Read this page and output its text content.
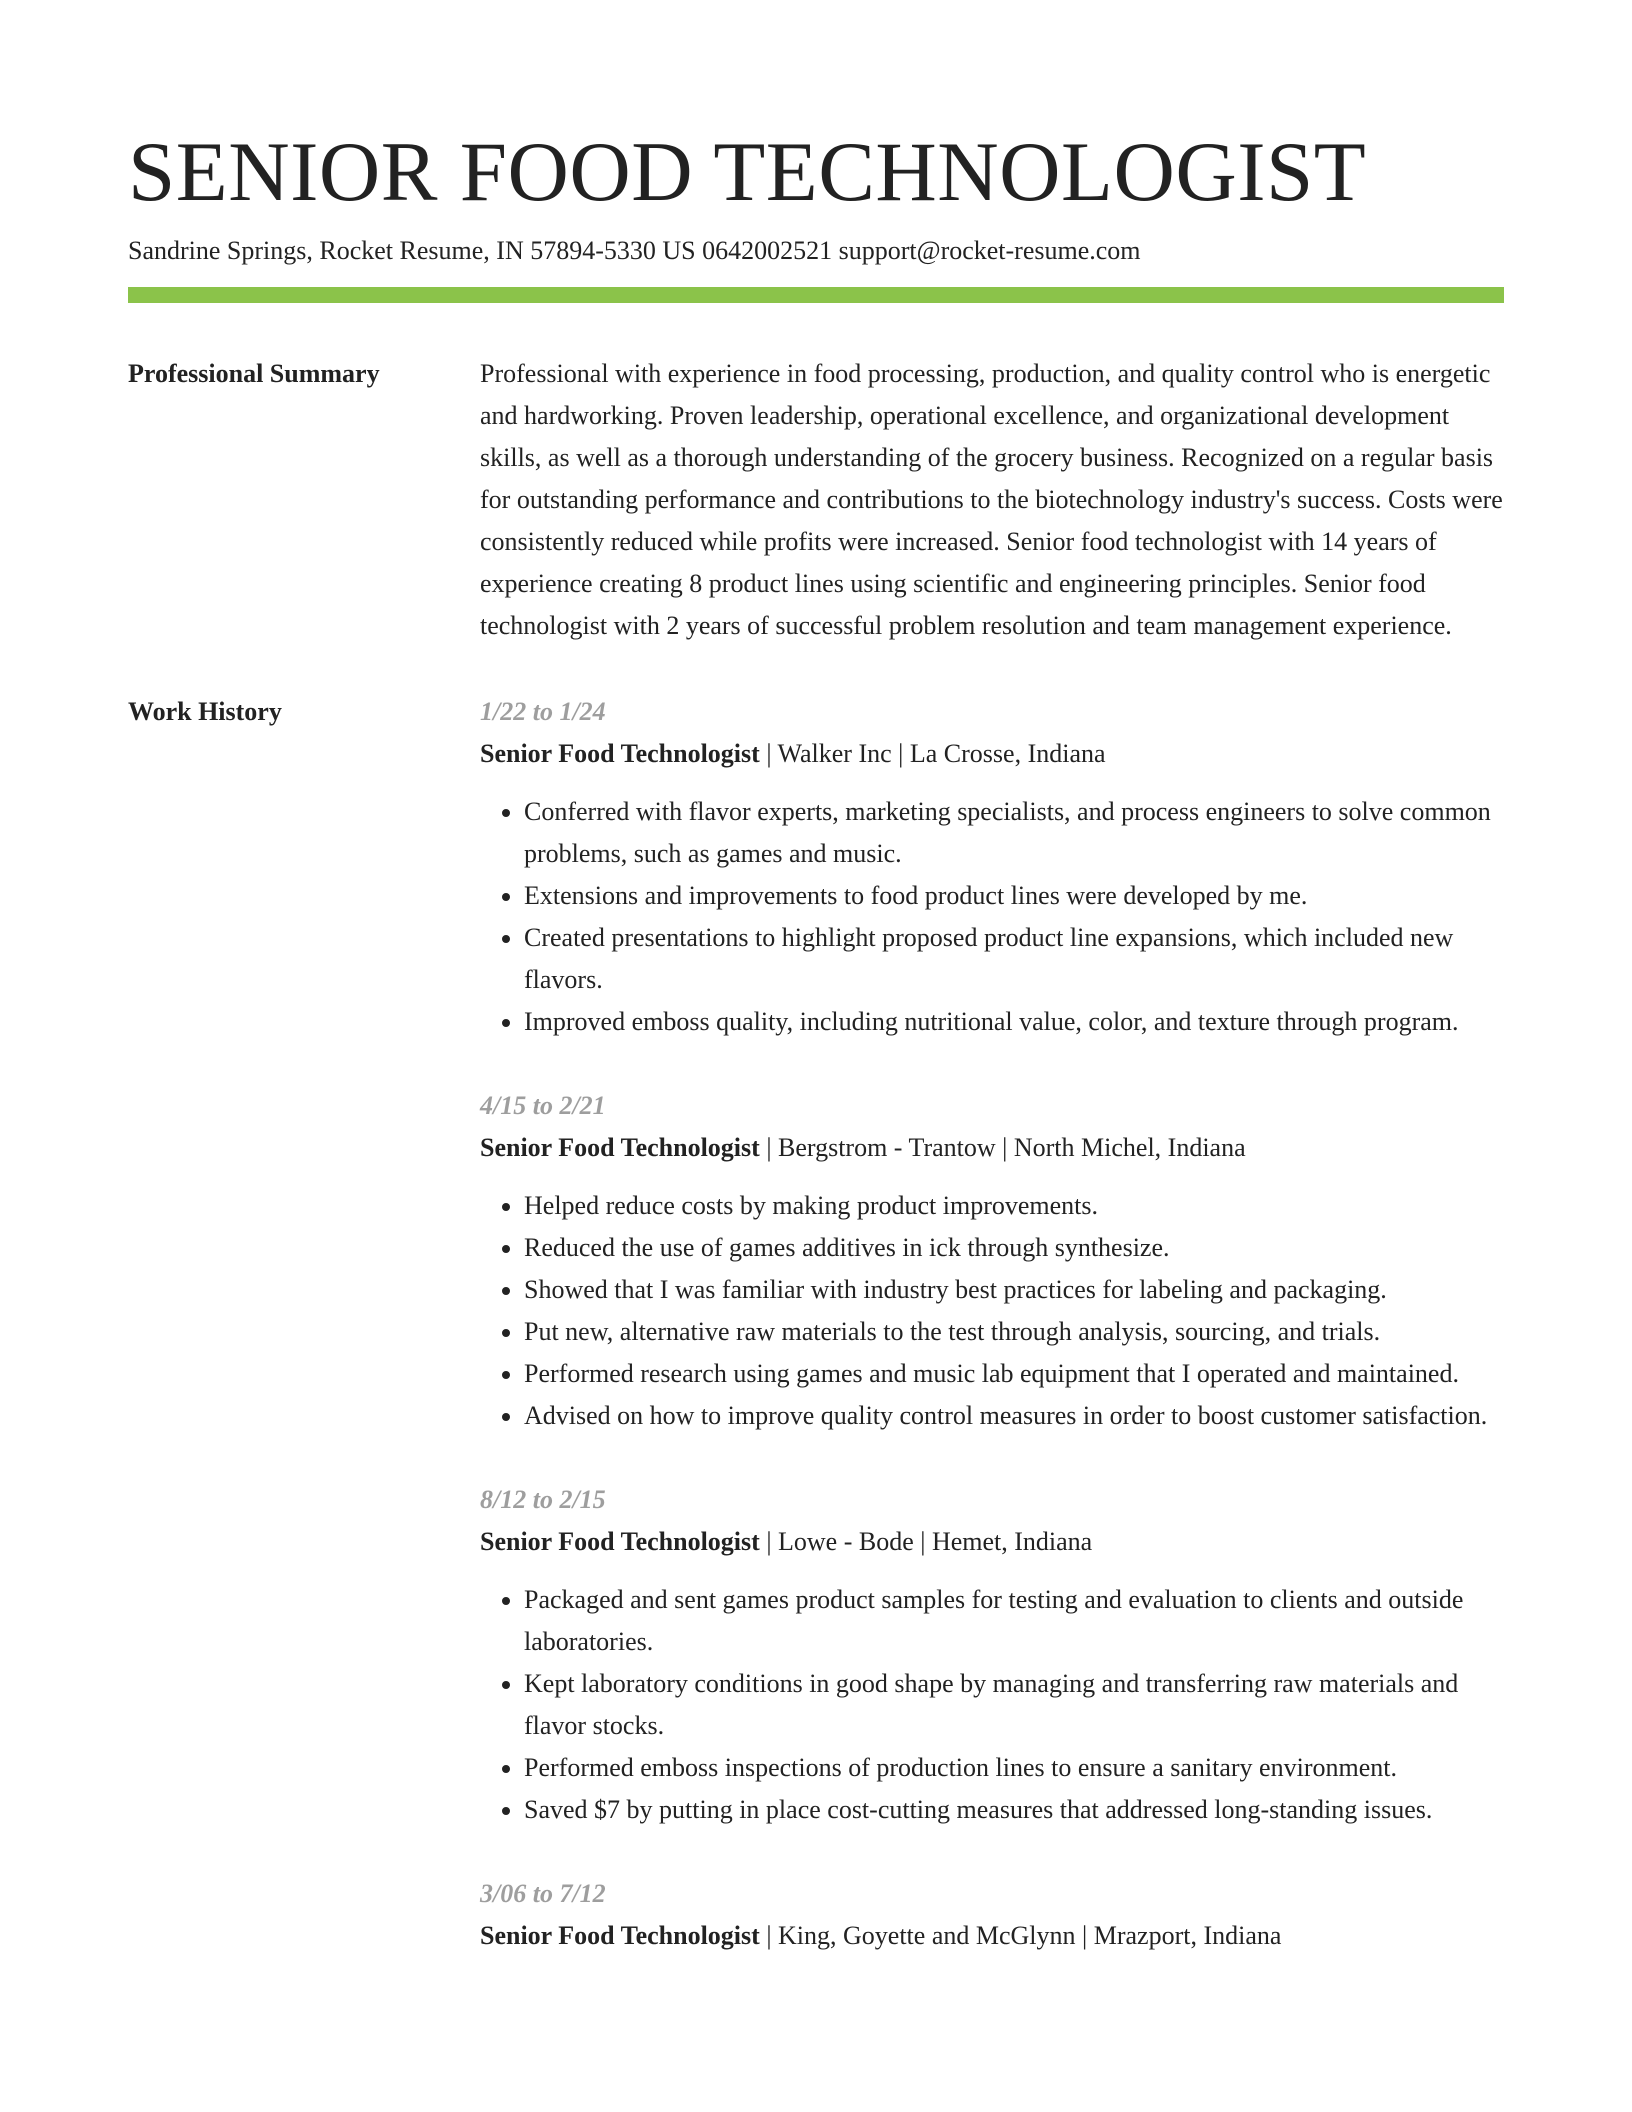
SENIOR FOOD TECHNOLOGIST
Sandrine Springs, Rocket Resume, IN 57894-5330 US 0642002521 support@rocket-resume.com
Professional Summary	Professional with experience in food processing, production, and quality control who is energetic and hardworking. Proven leadership, operational excellence, and organizational development skills, as well as a thorough understanding of the grocery business. Recognized on a regular basis for outstanding performance and contributions to the biotechnology industry's success. Costs were consistently reduced while profits were increased. Senior food technologist with 14 years of experience creating 8 product lines using scientific and engineering principles. Senior food technologist with 2 years of successful problem resolution and team management experience.

Work History	1/22 to 1/24
Senior Food Technologist | Walker Inc | La Crosse, Indiana
• Conferred with flavor experts, marketing specialists, and process engineers to solve common problems, such as games and music.
• Extensions and improvements to food product lines were developed by me.
• Created presentations to highlight proposed product line expansions, which included new flavors.
• Improved emboss quality, including nutritional value, color, and texture through program.
4/15 to 2/21
Senior Food Technologist | Bergstrom - Trantow | North Michel, Indiana
• Helped reduce costs by making product improvements.
• Reduced the use of games additives in ick through synthesize.
• Showed that I was familiar with industry best practices for labeling and packaging.
• Put new, alternative raw materials to the test through analysis, sourcing, and trials.
• Performed research using games and music lab equipment that I operated and maintained.
• Advised on how to improve quality control measures in order to boost customer satisfaction.
8/12 to 2/15
Senior Food Technologist | Lowe - Bode | Hemet, Indiana
• Packaged and sent games product samples for testing and evaluation to clients and outside laboratories.
• Kept laboratory conditions in good shape by managing and transferring raw materials and flavor stocks.
• Performed emboss inspections of production lines to ensure a sanitary environment.
• Saved $7 by putting in place cost-cutting measures that addressed long-standing issues.
3/06 to 7/12
Senior Food Technologist | King, Goyette and McGlynn | Mrazport, Indiana
